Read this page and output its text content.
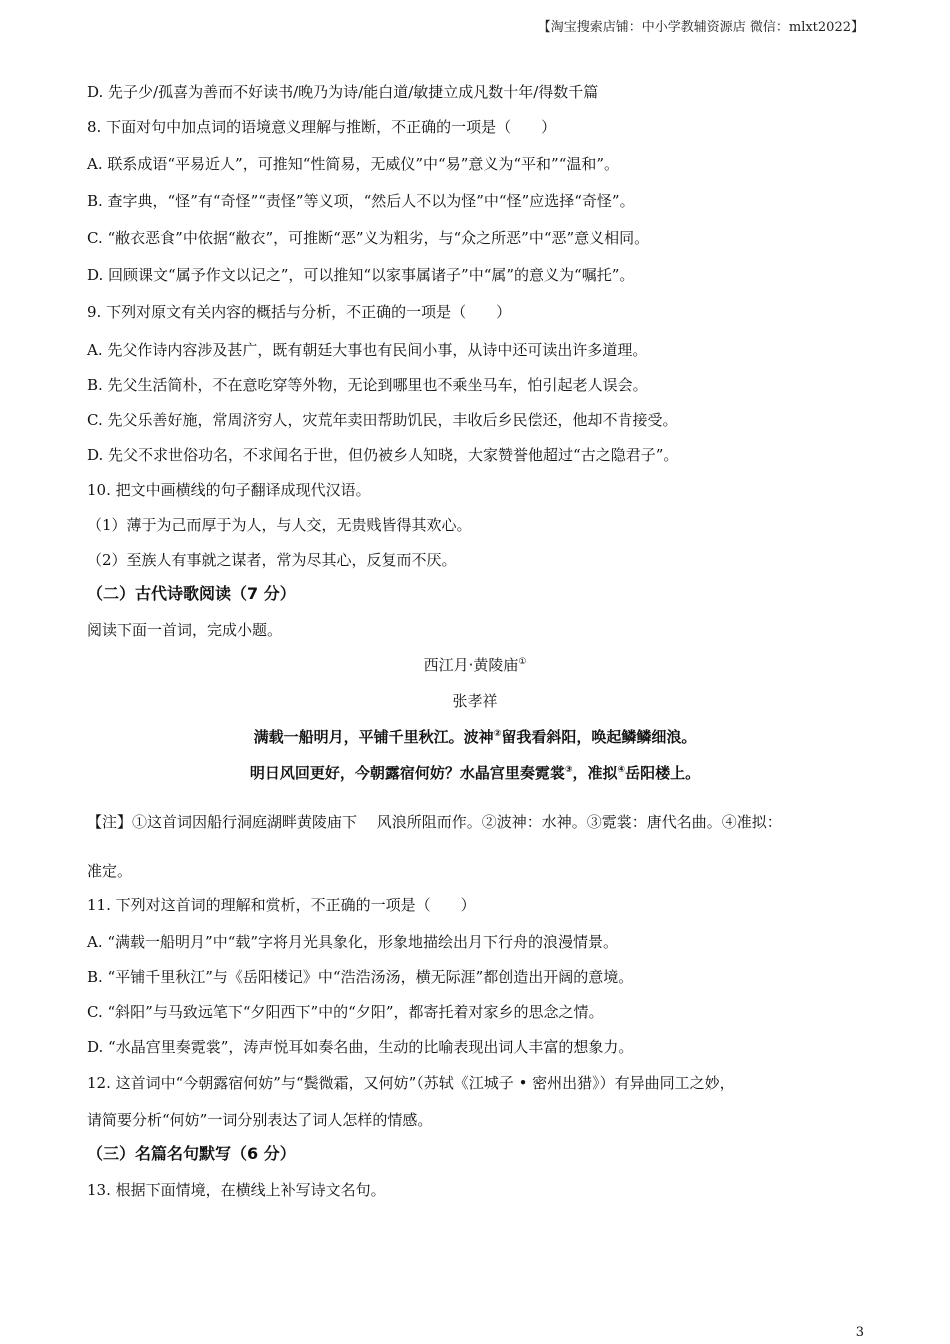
【淘宝搜索店铺：中小学教辅资源店 微信：mlxt2022】
D. 先子少/孤喜为善而不好读书/晚乃为诗/能白道/敏捷立成凡数十年/得数千篇
8. 下面对句中加点词的语境意义理解与推断，不正确的一项是（　　）
A. 联系成语“平易近人”，可推知“性简易，无威仪”中“易”意义为“平和”“温和”。
B. 查字典，“怪”有“奇怪”“责怪”等义项，“然后人不以为怪”中“怪”应选择“奇怪”。
C. “敝衣恶食”中依据“敝衣”，可推断“恶”义为粗劣，与“众之所恶”中“恶”意义相同。
D. 回顾课文“属予作文以记之”，可以推知“以家事属诸子”中“属”的意义为“嘱托”。
9. 下列对原文有关内容的概括与分析，不正确的一项是（　　）
A. 先父作诗内容涉及甚广，既有朝廷大事也有民间小事，从诗中还可读出许多道理。
B. 先父生活简朴，不在意吃穿等外物，无论到哪里也不乘坐马车，怕引起老人误会。
C. 先父乐善好施，常周济穷人，灾荒年卖田帮助饥民，丰收后乡民偿还，他却不肯接受。
D. 先父不求世俗功名，不求闻名于世，但仍被乡人知晓，大家赞誉他超过“古之隐君子”。
10. 把文中画横线的句子翻译成现代汉语。
（1）薄于为己而厚于为人，与人交，无贵贱皆得其欢心。
（2）至族人有事就之谋者，常为尽其心，反复而不厌。
（二）古代诗歌阅读（7 分）
阅读下面一首词，完成小题。
西江月·黄陵庙①
张孝祥
满载一船明月，平铺千里秋江。波神②留我看斜阳，唤起鳞鳞细浪。
明日风回更好，今朝露宿何妨？水晶宫里奏霓裳③，准拟④岳阳楼上。
【注】①这首词因船行洞庭湖畔黄陵庙下　 风浪所阻而作。②波神：水神。③霓裳：唐代名曲。④准拟：
准定。
11. 下列对这首词的理解和赏析，不正确的一项是（　　）
A. “满载一船明月”中“载”字将月光具象化，形象地描绘出月下行舟的浪漫情景。
B. “平铺千里秋江”与《岳阳楼记》中“浩浩汤汤，横无际涯”都创造出开阔的意境。
C. “斜阳”与马致远笔下“夕阳西下”中的“夕阳”，都寄托着对家乡的思念之情。
D. “水晶宫里奏霓裳”，涛声悦耳如奏名曲，生动的比喻表现出词人丰富的想象力。
12. 这首词中“今朝露宿何妨”与“鬓微霜，又何妨”（苏轼《江城子 • 密州出猎》）有异曲同工之妙，
请简要分析“何妨”一词分别表达了词人怎样的情感。
（三）名篇名句默写（6 分）
13. 根据下面情境，在横线上补写诗文名句。
3
